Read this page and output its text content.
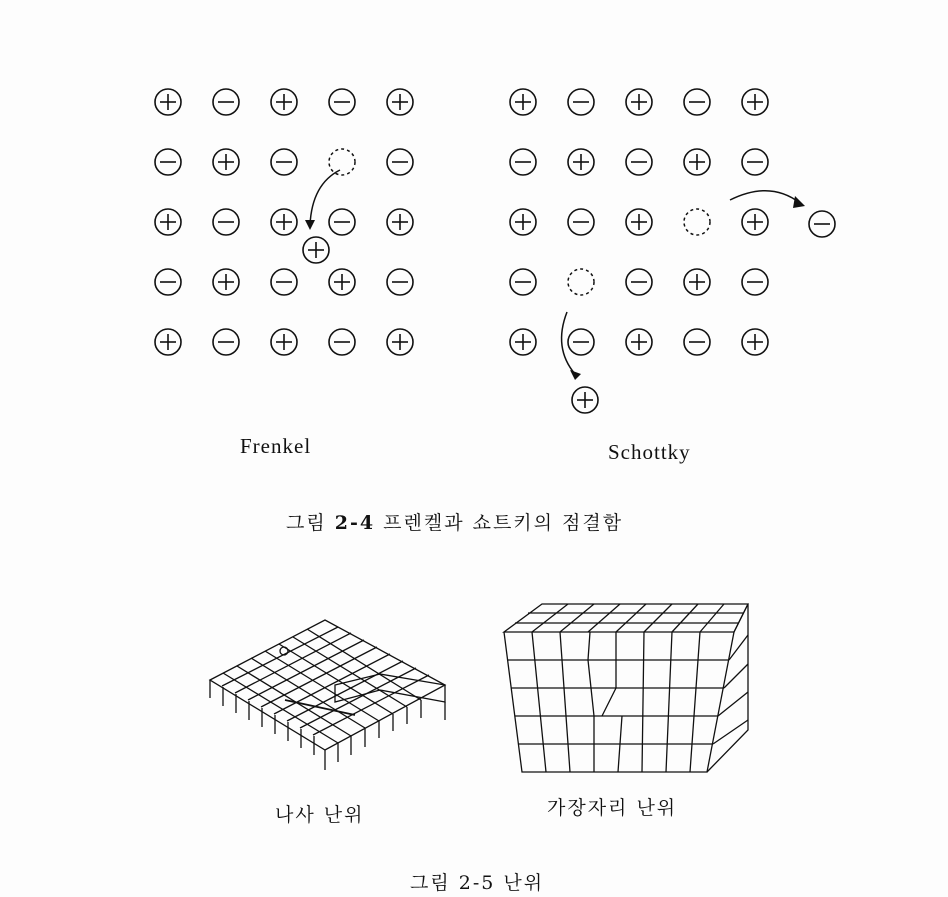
Frenkel	Schottky
그림 2-4 프렌켈과 쇼트키의 점결함
나사 난위	가장자리 난위
그림 2-5 난위
